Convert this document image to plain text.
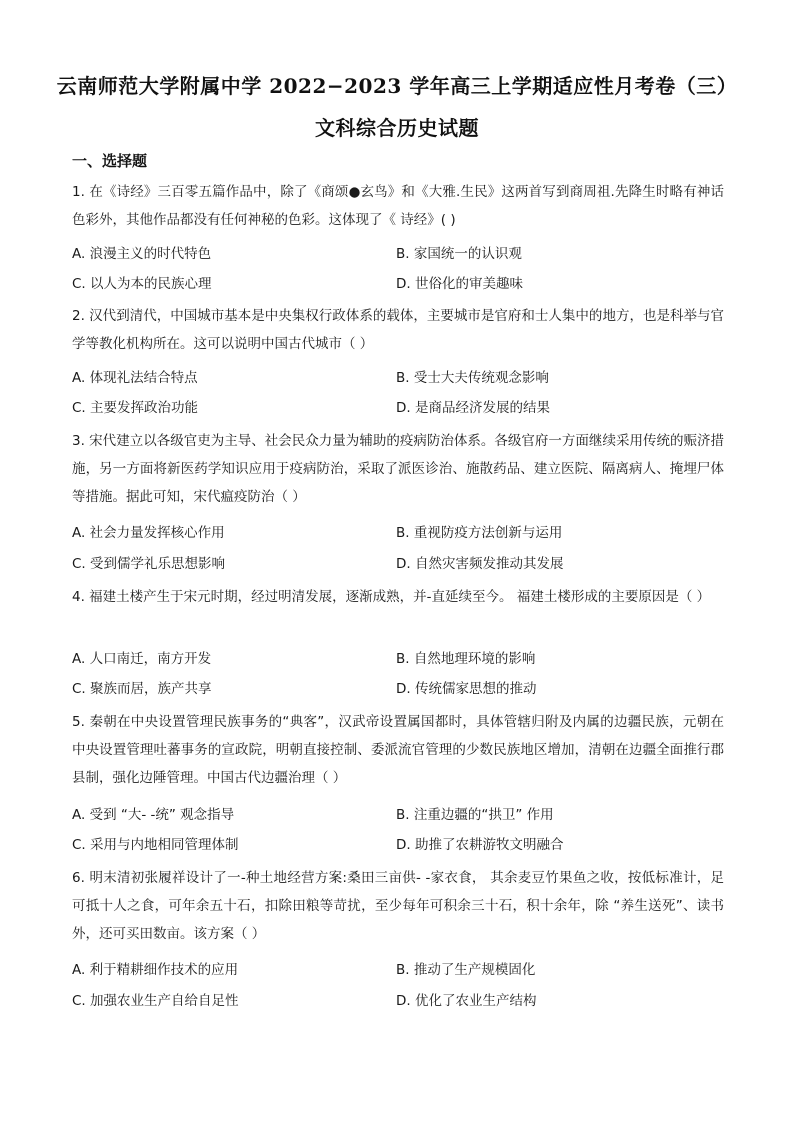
云南师范大学附属中学 2022−2023 学年高三上学期适应性月考卷（三）
文科综合历史试题
一、选择题
1. 在《诗经》三百零五篇作品中，除了《商颂●玄鸟》和《大雅.生民》这两首写到商周祖.先降生时略有神话色彩外，其他作品都没有任何神秘的色彩。这体现了《 诗经》( )
A. 浪漫主义的时代特色	B. 家国统一的认识观
C. 以人为本的民族心理	D. 世俗化的审美趣味
2. 汉代到清代，中国城市基本是中央集权行政体系的载体，主要城市是官府和士人集中的地方，也是科举与官学等教化机构所在。这可以说明中国古代城市（ ）
A. 体现礼法结合特点	B. 受士大夫传统观念影响
C. 主要发挥政治功能	D. 是商品经济发展的结果
3. 宋代建立以各级官吏为主导、社会民众力量为辅助的疫病防治体系。各级官府一方面继续采用传统的赈济措施，另一方面将新医药学知识应用于疫病防治，采取了派医诊治、施散药品、建立医院、隔离病人、掩埋尸体等措施。据此可知，宋代瘟疫防治（ ）
A. 社会力量发挥核心作用	B. 重视防疫方法创新与运用
C. 受到儒学礼乐思想影响	D. 自然灾害频发推动其发展
4. 福建土楼产生于宋元时期，经过明清发展，逐渐成熟，并-直延续至今。 福建土楼形成的主要原因是（ ）
A. 人口南迁，南方开发	B. 自然地理环境的影响
C. 聚族而居，族产共享	D. 传统儒家思想的推动
5. 秦朝在中央设置管理民族事务的“典客”，汉武帝设置属国都时，具体管辖归附及内属的边疆民族，元朝在中央设置管理吐蕃事务的宣政院，明朝直接控制、委派流官管理的少数民族地区增加，清朝在边疆全面推行郡县制，强化边陲管理。中国古代边疆治理（ ）
A. 受到 “大- -统” 观念指导	B. 注重边疆的“拱卫” 作用
C. 采用与内地相同管理体制	D. 助推了农耕游牧文明融合
6. 明末清初张履祥设计了一-种土地经营方案:桑田三亩供- -家衣食， 其余麦豆竹果鱼之收，按低标准计，足可抵十人之食，可年余五十石，扣除田粮等苛扰，至少每年可积余三十石，积十余年，除 “养生送死”、读书外，还可买田数亩。该方案（ ）
A. 利于精耕细作技术的应用	B. 推动了生产规模固化
C. 加强农业生产自给自足性	D. 优化了农业生产结构
